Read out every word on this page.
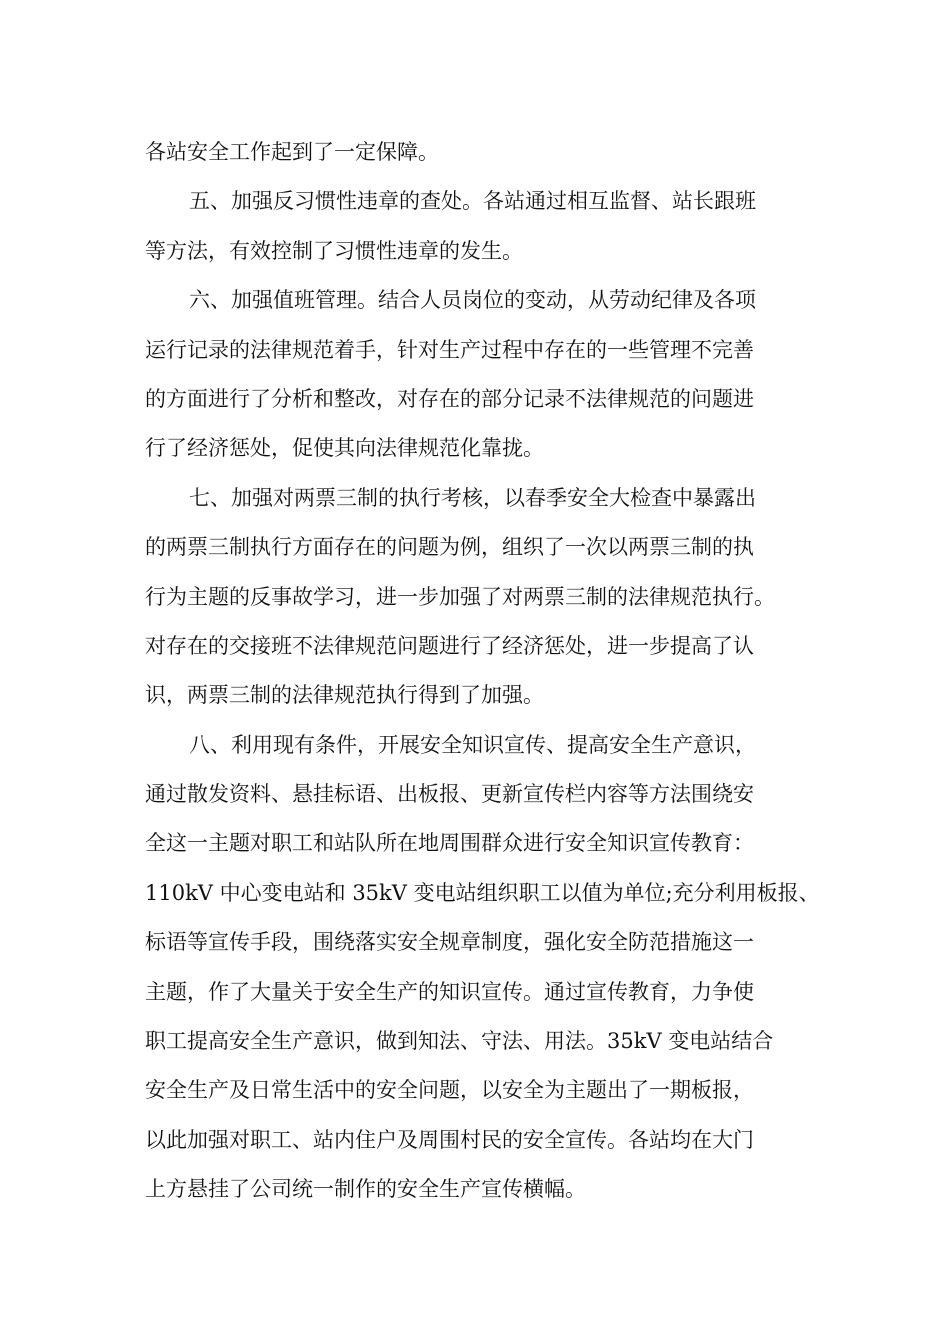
各站安全工作起到了一定保障。
五、加强反习惯性违章的查处。各站通过相互监督、站长跟班
等方法，有效控制了习惯性违章的发生。
六、加强值班管理。结合人员岗位的变动，从劳动纪律及各项
运行记录的法律规范着手，针对生产过程中存在的一些管理不完善
的方面进行了分析和整改，对存在的部分记录不法律规范的问题进
行了经济惩处，促使其向法律规范化靠拢。
七、加强对两票三制的执行考核，以春季安全大检查中暴露出
的两票三制执行方面存在的问题为例，组织了一次以两票三制的执
行为主题的反事故学习，进一步加强了对两票三制的法律规范执行。
对存在的交接班不法律规范问题进行了经济惩处，进一步提高了认
识，两票三制的法律规范执行得到了加强。
八、利用现有条件，开展安全知识宣传、提高安全生产意识，
通过散发资料、悬挂标语、出板报、更新宣传栏内容等方法围绕安
全这一主题对职工和站队所在地周围群众进行安全知识宣传教育：
110kV 中心变电站和 35kV 变电站组织职工以值为单位;充分利用板报、
标语等宣传手段，围绕落实安全规章制度，强化安全防范措施这一
主题，作了大量关于安全生产的知识宣传。通过宣传教育，力争使
职工提高安全生产意识，做到知法、守法、用法。35kV 变电站结合
安全生产及日常生活中的安全问题，以安全为主题出了一期板报，
以此加强对职工、站内住户及周围村民的安全宣传。各站均在大门
上方悬挂了公司统一制作的安全生产宣传横幅。
